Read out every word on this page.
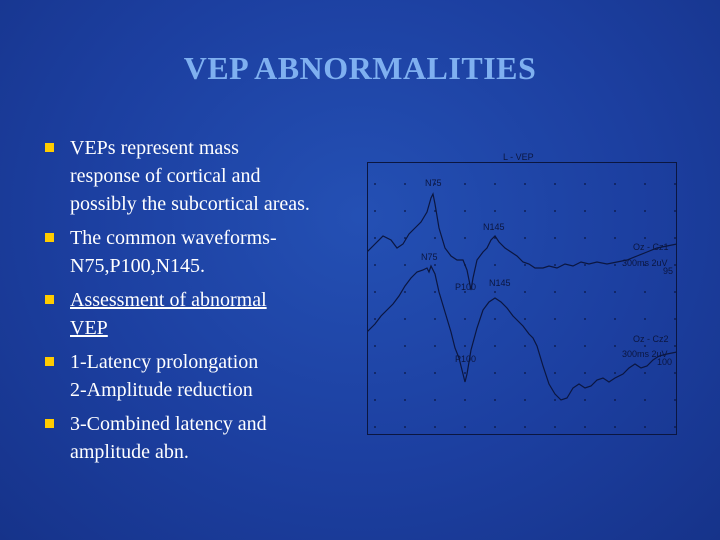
VEP ABNORMALITIES
VEPs represent mass
response of cortical and
possibly the subcortical areas.
The common waveforms-
N75,P100,N145.
Assessment of abnormal
VEP
1-Latency prolongation
2-Amplitude reduction
3-Combined latency and
amplitude abn.
L - VEP
N75
P100
N145
Oz - Cz1
300ms 2uV
95
N75
P100
N145
Oz - Cz2
300ms 2uV
100
